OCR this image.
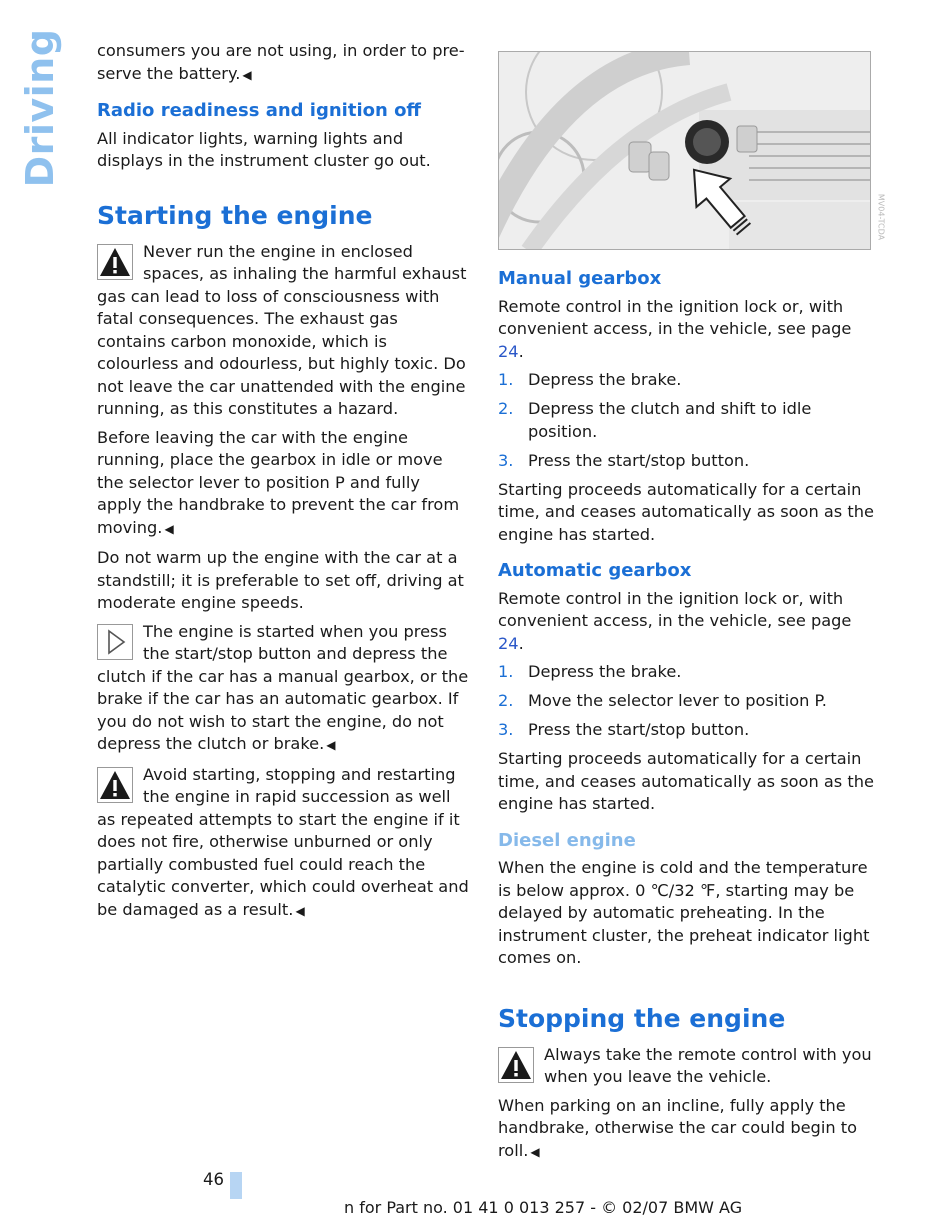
Driving consumers you are not using, in order to preserve the battery. ◀

Radio readiness and ignition off

All indicator lights, warning lights and displays in the instrument cluster go out.

Starting the engine

Never run the engine in enclosed spaces, as inhaling the harmful exhaust gas can lead to loss of consciousness with fatal consequences. The exhaust gas contains carbon monoxide, which is colourless and odourless, but highly toxic. Do not leave the car unattended with the engine running, as this constitutes a hazard.

Before leaving the car with the engine running, place the gearbox in idle or move the selector lever to position P and fully apply the handbrake to prevent the car from moving. ◀

Do not warm up the engine with the car at a standstill; it is preferable to set off, driving at moderate engine speeds.

The engine is started when you press the start/stop button and depress the clutch if the car has a manual gearbox, or the brake if the car has an automatic gearbox. If you do not wish to start the engine, do not depress the clutch or brake. ◀

Avoid starting, stopping and restarting the engine in rapid succession as well as repeated attempts to start the engine if it does not fire, otherwise unburned or only partially combusted fuel could reach the catalytic converter, which could overheat and be damaged as a result. ◀

MV04-TCDA
Manual gearbox

Remote control in the ignition lock or, with convenient access, in the vehicle, see page 24.

1. Depress the brake.
2. Depress the clutch and shift to idle position.
3. Press the start/stop button.

Starting proceeds automatically for a certain time, and ceases automatically as soon as the engine has started.

Automatic gearbox

Remote control in the ignition lock or, with convenient access, in the vehicle, see page 24.

1. Depress the brake.
2. Move the selector lever to position P.
3. Press the start/stop button.

Starting proceeds automatically for a certain time, and ceases automatically as soon as the engine has started.

Diesel engine

When the engine is cold and the temperature is below approx. 0 ℃/32 ℉, starting may be delayed by automatic preheating. In the instrument cluster, the preheat indicator light comes on.

Stopping the engine

Always take the remote control with you when you leave the vehicle.

When parking on an incline, fully apply the handbrake, otherwise the car could begin to roll. ◀

46
n for Part no. 01 41 0 013 257 - © 02/07 BMW AG
